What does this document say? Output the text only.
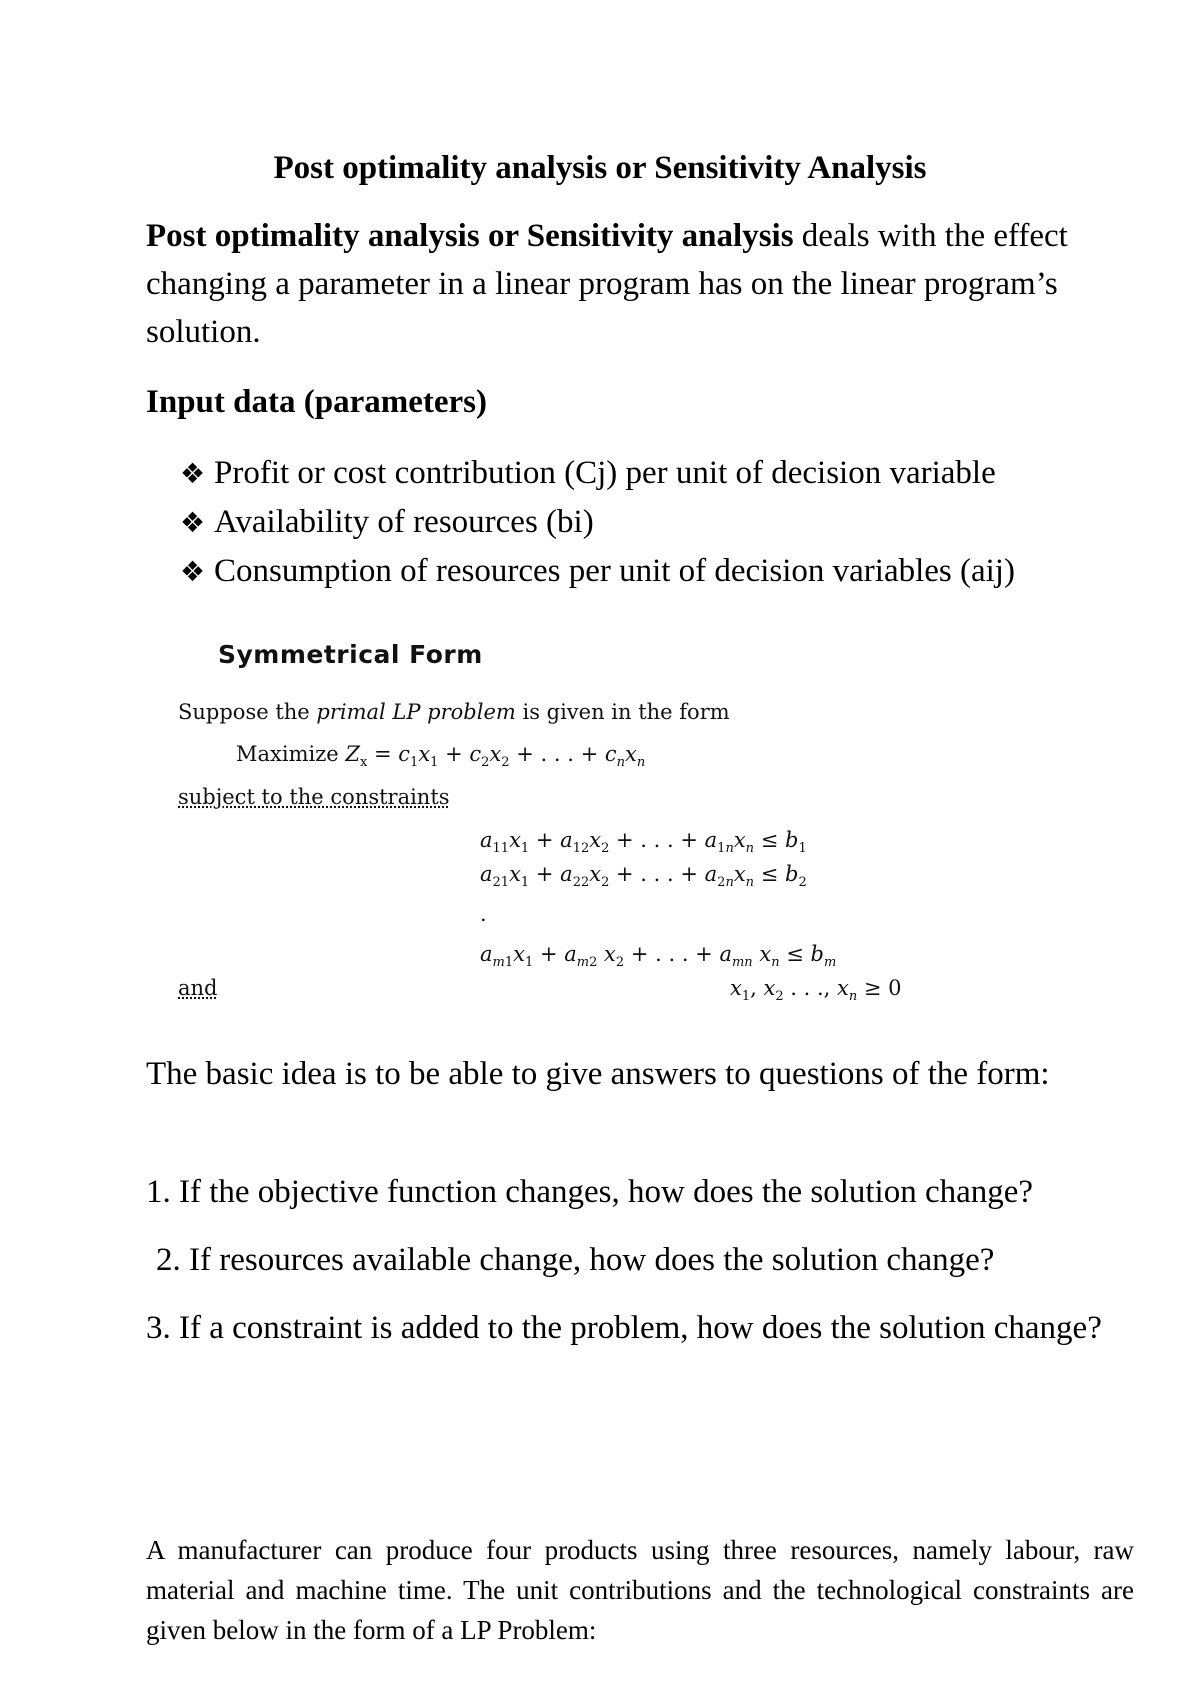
Post optimality analysis or Sensitivity Analysis
Post optimality analysis or Sensitivity analysis deals with the effect changing a parameter in a linear program has on the linear program’s solution.
Input data (parameters)
❖ Profit or cost contribution (Cj) per unit of decision variable
❖ Availability of resources (bi)
❖ Consumption of resources per unit of decision variables (aij)
Symmetrical Form
Suppose the primal LP problem is given in the form
Maximize $Z_x = c_1x_1 + c_2x_2$ + . . . + $c_nx_n$
subject to the constraints
$a_{11}x_1 + a_{12}x_2$ + . . . + $a_{1n}x_n \le b_1$
$a_{21}x_1 + a_{22}x_2$ + . . . + $a_{2n}x_n \le b_2$
.
$a_{m1}x_1 + a_{m2}$ $x_2$ + . . . + $a_{mn}$ $x_n \le b_m$
and	$x_1$, $x_2$ . . ., $x_n \ge 0$
The basic idea is to be able to give answers to questions of the form:
1. If the objective function changes, how does the solution change?
2. If resources available change, how does the solution change?
3. If a constraint is added to the problem, how does the solution change?
A manufacturer can produce four products using three resources, namely labour, raw material and machine time. The unit contributions and the technological constraints are given below in the form of a LP Problem:
